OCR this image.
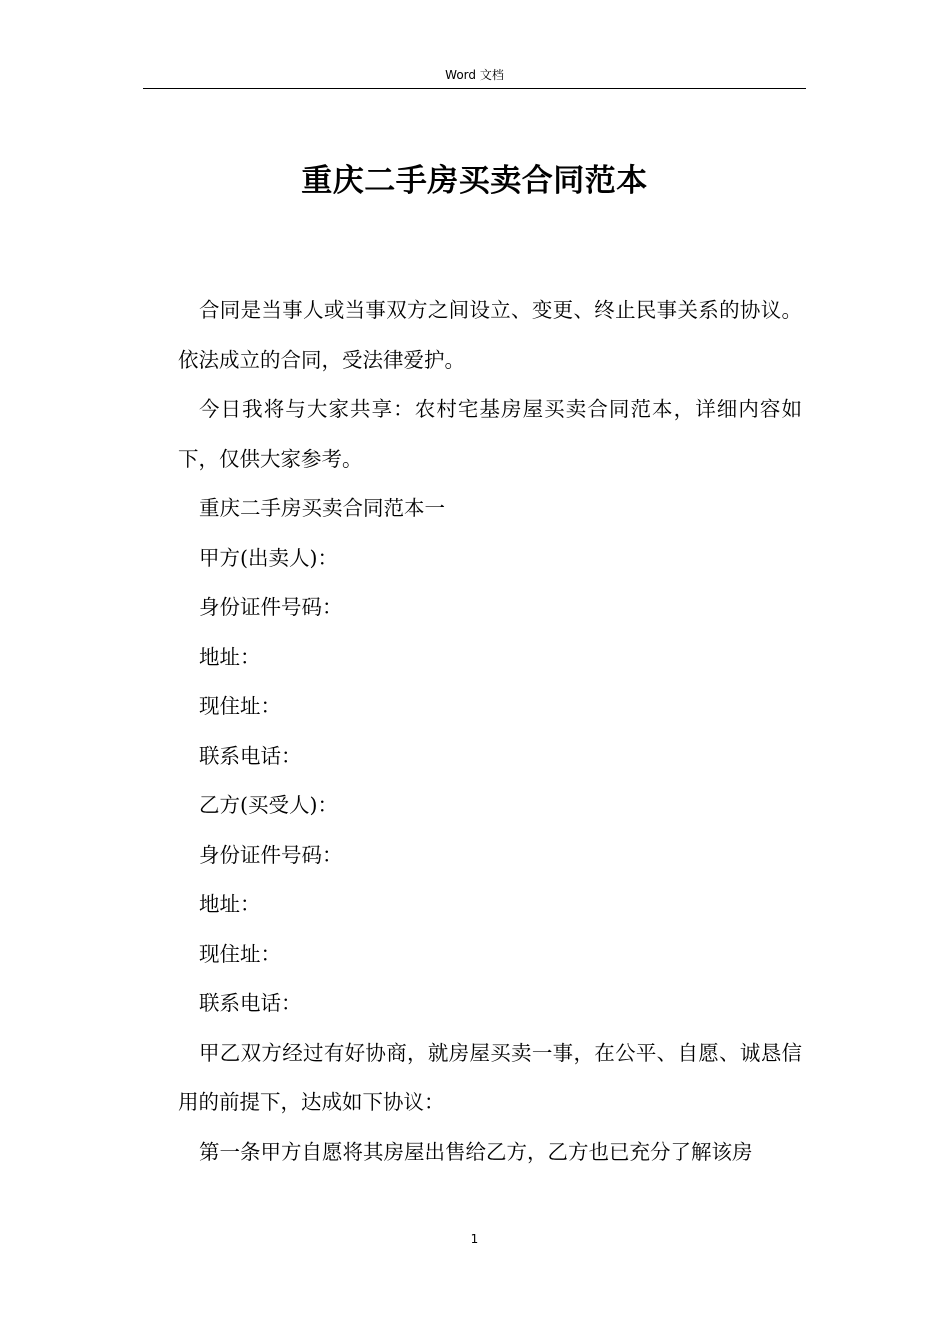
Word 文档
重庆二手房买卖合同范本

合同是当事人或当事双方之间设立、变更、终止民事关系的协议。依法成立的合同，受法律爱护。

今日我将与大家共享：农村宅基房屋买卖合同范本，详细内容如下，仅供大家参考。

重庆二手房买卖合同范本一

甲方(出卖人)：

身份证件号码：

地址：

现住址：

联系电话：

乙方(买受人)：

身份证件号码：

地址：

现住址：

联系电话：

甲乙双方经过有好协商，就房屋买卖一事，在公平、自愿、诚恳信用的前提下，达成如下协议：

第一条甲方自愿将其房屋出售给乙方，乙方也已充分了解该房

1
